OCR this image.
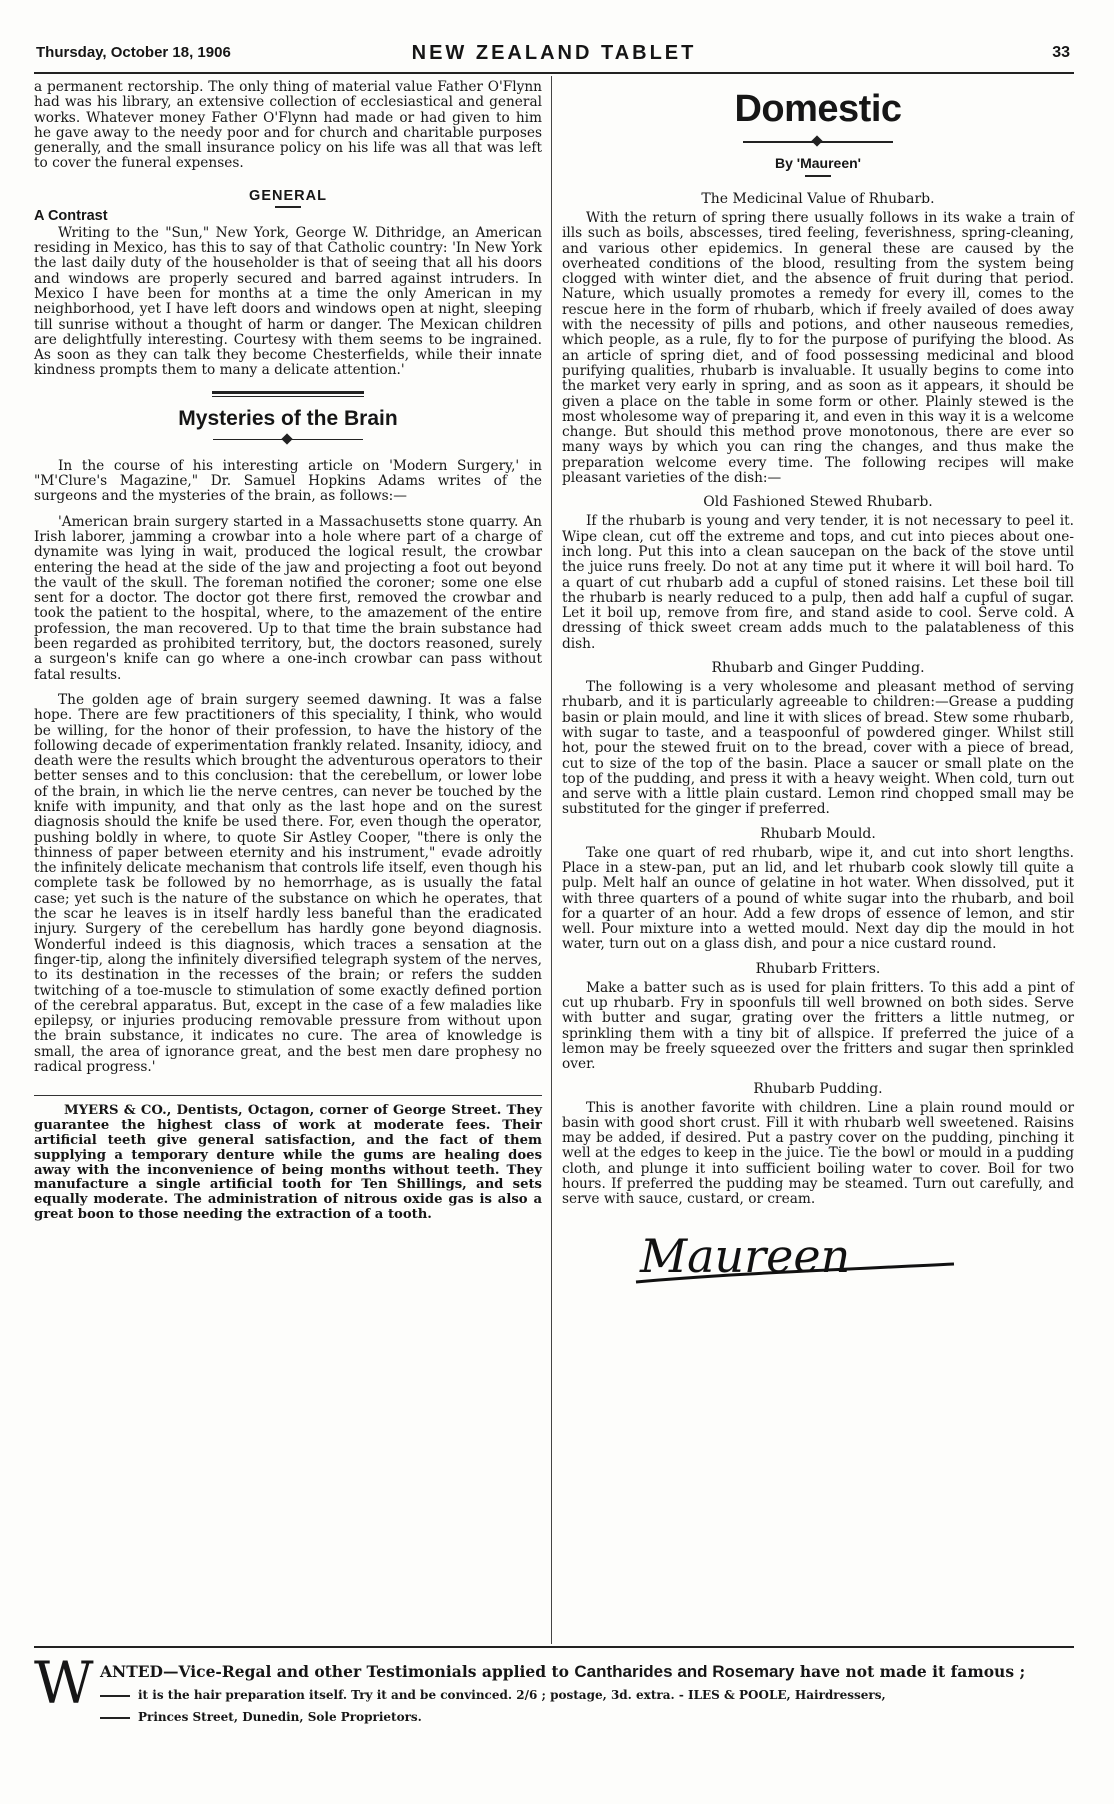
Thursday, October 18, 1906	NEW ZEALAND TABLET	33

a permanent rectorship. The only thing of material value Father O'Flynn had was his library, an extensive collection of ecclesiastical and general works. Whatever money Father O'Flynn had made or had given to him he gave away to the needy poor and for church and charitable purposes generally, and the small insurance policy on his life was all that was left to cover the funeral expenses.

GENERAL
A Contrast

Writing to the "Sun," New York, George W. Dithridge, an American residing in Mexico, has this to say of that Catholic country: 'In New York the last daily duty of the householder is that of seeing that all his doors and windows are properly secured and barred against intruders. In Mexico I have been for months at a time the only American in my neighborhood, yet I have left doors and windows open at night, sleeping till sunrise without a thought of harm or danger. The Mexican children are delightfully interesting. Courtesy with them seems to be ingrained. As soon as they can talk they become Chesterfields, while their innate kindness prompts them to many a delicate attention.'

Mysteries of the Brain

In the course of his interesting article on 'Modern Surgery,' in "M'Clure's Magazine," Dr. Samuel Hopkins Adams writes of the surgeons and the mysteries of the brain, as follows:—

'American brain surgery started in a Massachusetts stone quarry. An Irish laborer, jamming a crowbar into a hole where part of a charge of dynamite was lying in wait, produced the logical result, the crowbar entering the head at the side of the jaw and projecting a foot out beyond the vault of the skull. The foreman notified the coroner; some one else sent for a doctor. The doctor got there first, removed the crowbar and took the patient to the hospital, where, to the amazement of the entire profession, the man recovered. Up to that time the brain substance had been regarded as prohibited territory, but, the doctors reasoned, surely a surgeon's knife can go where a one-inch crowbar can pass without fatal results.

The golden age of brain surgery seemed dawning. It was a false hope. There are few practitioners of this speciality, I think, who would be willing, for the honor of their profession, to have the history of the following decade of experimentation frankly related. Insanity, idiocy, and death were the results which brought the adventurous operators to their better senses and to this conclusion: that the cerebellum, or lower lobe of the brain, in which lie the nerve centres, can never be touched by the knife with impunity, and that only as the last hope and on the surest diagnosis should the knife be used there. For, even though the operator, pushing boldly in where, to quote Sir Astley Cooper, "there is only the thinness of paper between eternity and his instrument," evade adroitly the infinitely delicate mechanism that controls life itself, even though his complete task be followed by no hemorrhage, as is usually the fatal case; yet such is the nature of the substance on which he operates, that the scar he leaves is in itself hardly less baneful than the eradicated injury. Surgery of the cerebellum has hardly gone beyond diagnosis. Wonderful indeed is this diagnosis, which traces a sensation at the finger-tip, along the infinitely diversified telegraph system of the nerves, to its destination in the recesses of the brain; or refers the sudden twitching of a toe-muscle to stimulation of some exactly defined portion of the cerebral apparatus. But, except in the case of a few maladies like epilepsy, or injuries producing removable pressure from without upon the brain substance, it indicates no cure. The area of knowledge is small, the area of ignorance great, and the best men dare prophesy no radical progress.'

MYERS & CO., Dentists, Octagon, corner of George Street. They guarantee the highest class of work at moderate fees. Their artificial teeth give general satisfaction, and the fact of them supplying a temporary denture while the gums are healing does away with the inconvenience of being months without teeth. They manufacture a single artificial tooth for Ten Shillings, and sets equally moderate. The administration of nitrous oxide gas is also a great boon to those needing the extraction of a tooth.

Domestic
By 'Maureen'
The Medicinal Value of Rhubarb.

With the return of spring there usually follows in its wake a train of ills such as boils, abscesses, tired feeling, feverishness, spring-cleaning, and various other epidemics. In general these are caused by the overheated conditions of the blood, resulting from the system being clogged with winter diet, and the absence of fruit during that period. Nature, which usually promotes a remedy for every ill, comes to the rescue here in the form of rhubarb, which if freely availed of does away with the necessity of pills and potions, and other nauseous remedies, which people, as a rule, fly to for the purpose of purifying the blood. As an article of spring diet, and of food possessing medicinal and blood purifying qualities, rhubarb is invaluable. It usually begins to come into the market very early in spring, and as soon as it appears, it should be given a place on the table in some form or other. Plainly stewed is the most wholesome way of preparing it, and even in this way it is a welcome change. But should this method prove monotonous, there are ever so many ways by which you can ring the changes, and thus make the preparation welcome every time. The following recipes will make pleasant varieties of the dish:—

Old Fashioned Stewed Rhubarb.

If the rhubarb is young and very tender, it is not necessary to peel it. Wipe clean, cut off the extreme and tops, and cut into pieces about one-inch long. Put this into a clean saucepan on the back of the stove until the juice runs freely. Do not at any time put it where it will boil hard. To a quart of cut rhubarb add a cupful of stoned raisins. Let these boil till the rhubarb is nearly reduced to a pulp, then add half a cupful of sugar. Let it boil up, remove from fire, and stand aside to cool. Serve cold. A dressing of thick sweet cream adds much to the palatableness of this dish.

Rhubarb and Ginger Pudding.

The following is a very wholesome and pleasant method of serving rhubarb, and it is particularly agreeable to children:—Grease a pudding basin or plain mould, and line it with slices of bread. Stew some rhubarb, with sugar to taste, and a teaspoonful of powdered ginger. Whilst still hot, pour the stewed fruit on to the bread, cover with a piece of bread, cut to size of the top of the basin. Place a saucer or small plate on the top of the pudding, and press it with a heavy weight. When cold, turn out and serve with a little plain custard. Lemon rind chopped small may be substituted for the ginger if preferred.

Rhubarb Mould.

Take one quart of red rhubarb, wipe it, and cut into short lengths. Place in a stew-pan, put an lid, and let rhubarb cook slowly till quite a pulp. Melt half an ounce of gelatine in hot water. When dissolved, put it with three quarters of a pound of white sugar into the rhubarb, and boil for a quarter of an hour. Add a few drops of essence of lemon, and stir well. Pour mixture into a wetted mould. Next day dip the mould in hot water, turn out on a glass dish, and pour a nice custard round.

Rhubarb Fritters.

Make a batter such as is used for plain fritters. To this add a pint of cut up rhubarb. Fry in spoonfuls till well browned on both sides. Serve with butter and sugar, grating over the fritters a little nutmeg, or sprinkling them with a tiny bit of allspice. If preferred the juice of a lemon may be freely squeezed over the fritters and sugar then sprinkled over.

Rhubarb Pudding.

This is another favorite with children. Line a plain round mould or basin with good short crust. Fill it with rhubarb well sweetened. Raisins may be added, if desired. Put a pastry cover on the pudding, pinching it well at the edges to keep in the juice. Tie the bowl or mould in a pudding cloth, and plunge it into sufficient boiling water to cover. Boil for two hours. If preferred the pudding may be steamed. Turn out carefully, and serve with sauce, custard, or cream.

Maureen
W ANTED—Vice-Regal and other Testimonials applied to Cantharides and Rosemary have not made it famous ;
it is the hair preparation itself. Try it and be convinced. 2/6 ; postage, 3d. extra. - ILES & POOLE, Hairdressers,
Princes Street, Dunedin, Sole Proprietors.
